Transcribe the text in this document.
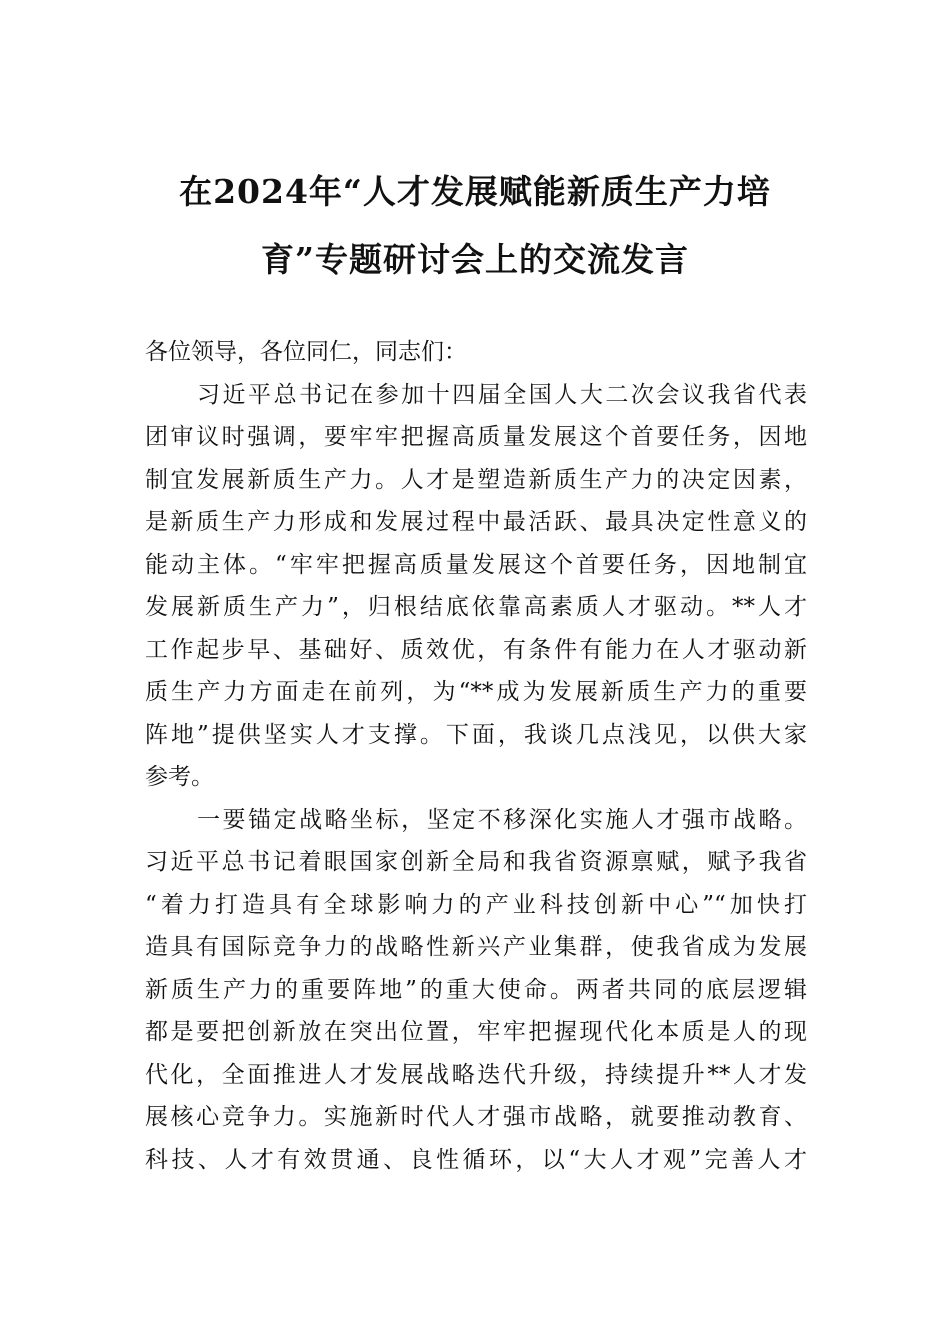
在2024年“人才发展赋能新质生产力培
育”专题研讨会上的交流发言
各位领导，各位同仁，同志们：
习近平总书记在参加十四届全国人大二次会议我省代表
团审议时强调，要牢牢把握高质量发展这个首要任务，因地
制宜发展新质生产力。人才是塑造新质生产力的决定因素，
是新质生产力形成和发展过程中最活跃、最具决定性意义的
能动主体。“牢牢把握高质量发展这个首要任务，因地制宜
发展新质生产力”，归根结底依靠高素质人才驱动。**人才
工作起步早、基础好、质效优，有条件有能力在人才驱动新
质生产力方面走在前列，为“**成为发展新质生产力的重要
阵地”提供坚实人才支撑。下面，我谈几点浅见，以供大家
参考。
一要锚定战略坐标，坚定不移深化实施人才强市战略。
习近平总书记着眼国家创新全局和我省资源禀赋，赋予我省
“着力打造具有全球影响力的产业科技创新中心”“加快打
造具有国际竞争力的战略性新兴产业集群，使我省成为发展
新质生产力的重要阵地”的重大使命。两者共同的底层逻辑
都是要把创新放在突出位置，牢牢把握现代化本质是人的现
代化，全面推进人才发展战略迭代升级，持续提升**人才发
展核心竞争力。实施新时代人才强市战略，就要推动教育、
科技、人才有效贯通、良性循环，以“大人才观”完善人才
